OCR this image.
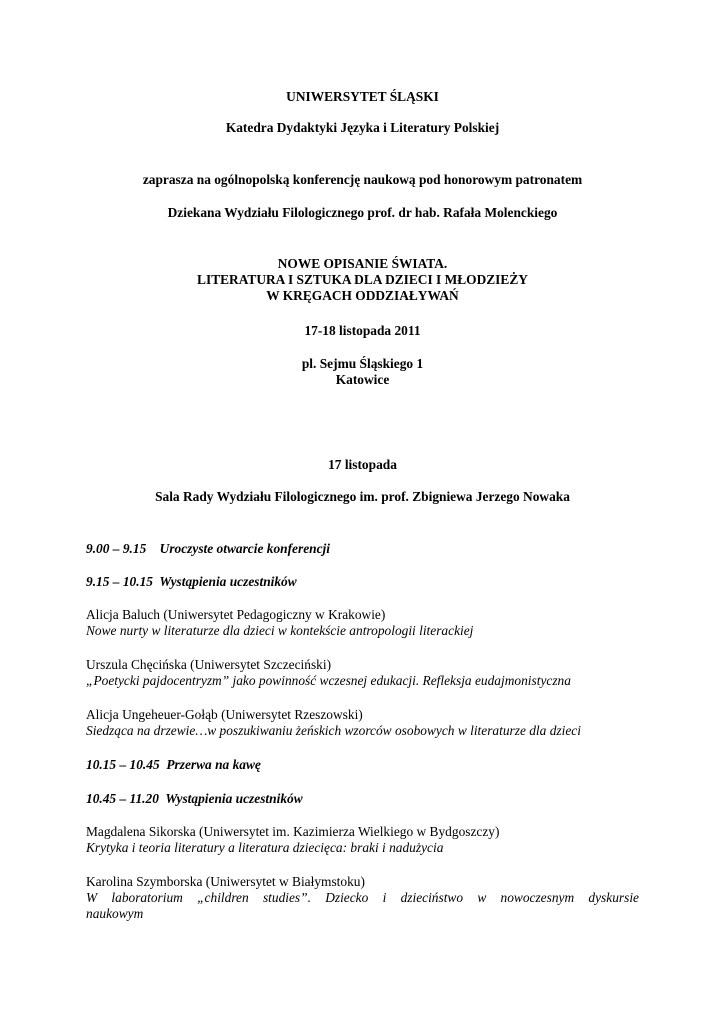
UNIWERSYTET ŚLĄSKI
Katedra Dydaktyki Języka i Literatury Polskiej
zaprasza na ogólnopolską konferencję naukową pod honorowym patronatem
Dziekana Wydziału Filologicznego prof. dr hab. Rafała Molenckiego
NOWE OPISANIE ŚWIATA.
LITERATURA I SZTUKA DLA DZIECI I MŁODZIEŻY
W KRĘGACH ODDZIAŁYWAŃ
17-18 listopada 2011
pl. Sejmu Śląskiego 1
Katowice
17 listopada
Sala Rady Wydziału Filologicznego im. prof. Zbigniewa Jerzego Nowaka
9.00 – 9.15    Uroczyste otwarcie konferencji
9.15 – 10.15  Wystąpienia uczestników
Alicja Baluch (Uniwersytet Pedagogiczny w Krakowie)
Nowe nurty w literaturze dla dzieci w kontekście antropologii literackiej
Urszula Chęcińska (Uniwersytet Szczeciński)
„Poetycki pajdocentryzm” jako powinność wczesnej edukacji. Refleksja eudajmonistyczna
Alicja Ungeheuer-Gołąb (Uniwersytet Rzeszowski)
Siedząca na drzewie…w poszukiwaniu żeńskich wzorców osobowych w literaturze dla dzieci
10.15 – 10.45  Przerwa na kawę
10.45 – 11.20  Wystąpienia uczestników
Magdalena Sikorska (Uniwersytet im. Kazimierza Wielkiego w Bydgoszczy)
Krytyka i teoria literatury a literatura dziecięca: braki i nadużycia
Karolina Szymborska (Uniwersytet w Białymstoku)
W laboratorium „children studies”. Dziecko i dzieciństwo w nowoczesnym dyskursie
naukowym
